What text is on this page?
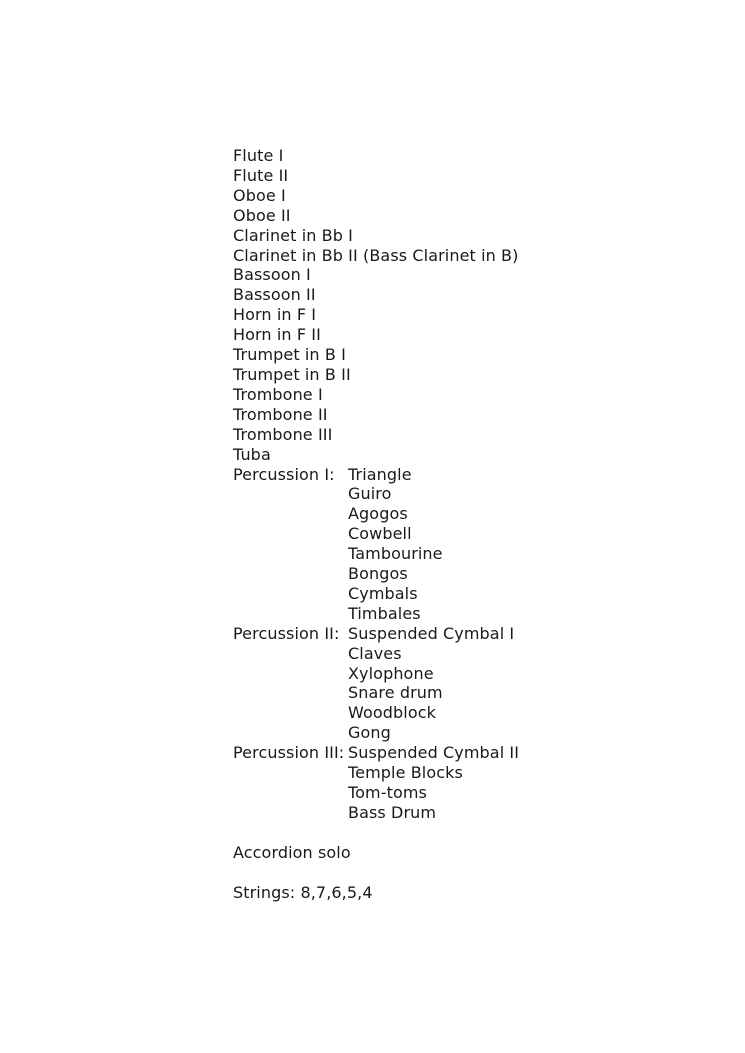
Flute I
Flute II
Oboe I
Oboe II
Clarinet in Bb I
Clarinet in Bb II (Bass Clarinet in B)
Bassoon I
Bassoon II
Horn in F I
Horn in F II
Trumpet in B I
Trumpet in B II
Trombone I
Trombone II
Trombone III
Tuba
Percussion I: Triangle
Guiro
Agogos
Cowbell
Tambourine
Bongos
Cymbals
Timbales
Percussion II: Suspended Cymbal I
Claves
Xylophone
Snare drum
Woodblock
Gong
Percussion III: Suspended Cymbal II
Temple Blocks
Tom-toms
Bass Drum
Accordion solo
Strings: 8,7,6,5,4
